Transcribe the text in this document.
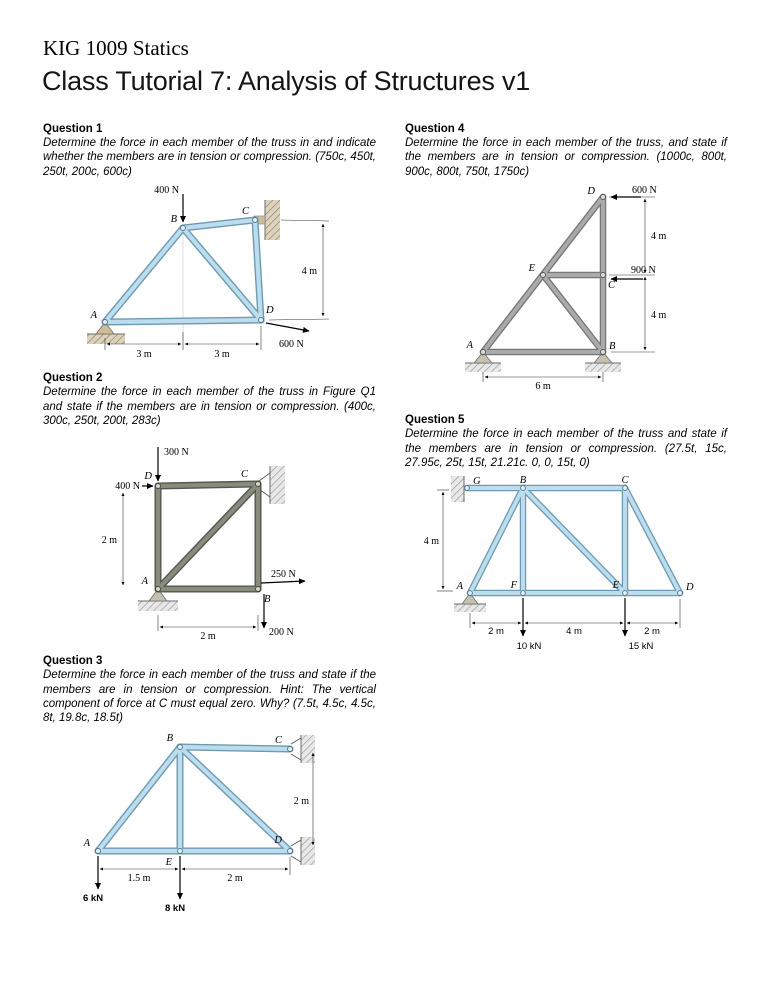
KIG 1009 Statics
Class Tutorial 7: Analysis of Structures v1
Question 1

Determine the force in each member of the truss in and indicate whether the members are in tension or compression. (750c, 450t, 250t, 200c, 600c)

400 N
600 N
4 m
3 m	3 m
A
B
C
D
Question 2

Determine the force in each member of the truss in Figure Q1 and state if the members are in tension or compression. (400c, 300c, 250t, 200t, 283c)

300 N
400 N
250 N
200 N
2 m
2 m
D	C
A
B
Question 3

Determine the force in each member of the truss and state if the members are in tension or compression. Hint: The vertical component of force at C must equal zero. Why? (7.5t, 4.5c, 4.5c, 8t, 19.8c, 18.5t)

6 kN
8 kN
1.5 m	2 m
2 m
A
B	C
D
E
Question 4

Determine the force in each member of the truss, and state if the members are in tension or compression. (1000c, 800t, 900c, 800t, 750t, 1750c)

600 N
900 N
4 m
4 m
6 m
A	B
C
D
E
Question 5

Determine the force in each member of the truss and state if the members are in tension or compression. (27.5t, 15c, 27.95c, 25t, 15t, 21.21c. 0, 0, 15t, 0)

4 m
2 m	4 m	2 m
10 kN	15 kN
G	B	C
A	F	E	D
